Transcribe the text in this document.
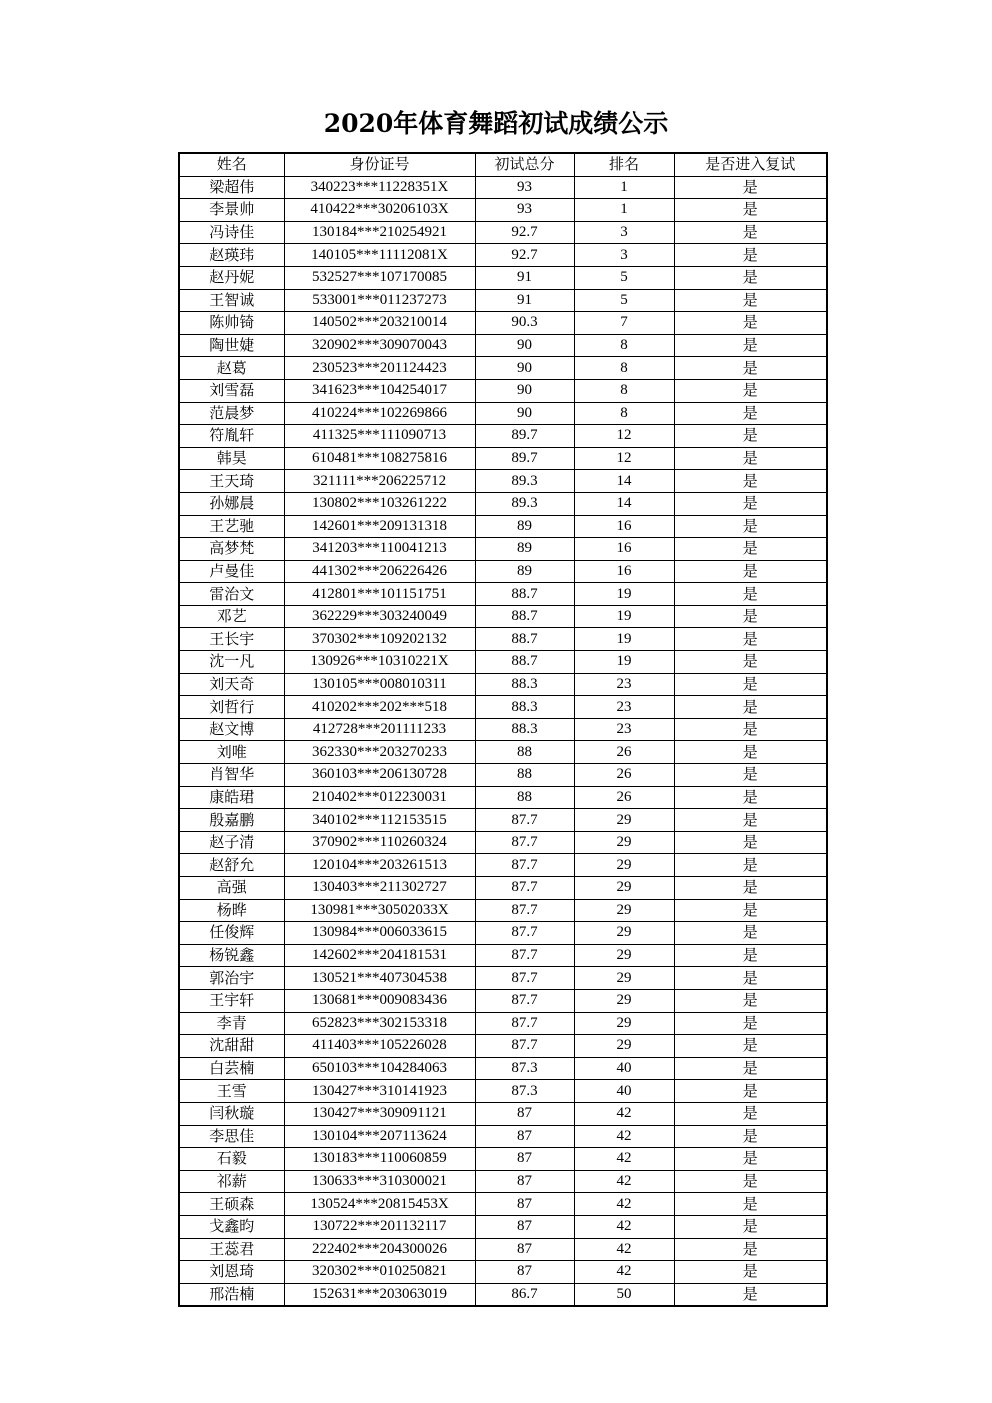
2020年体育舞蹈初试成绩公示
姓名	身份证号	初试总分	排名	是否进入复试
梁超伟	340223***11228351X	93	1	是
李景帅	410422***30206103X	93	1	是
冯诗佳	130184***210254921	92.7	3	是
赵瑛玮	140105***11112081X	92.7	3	是
赵丹妮	532527***107170085	91	5	是
王智诚	533001***011237273	91	5	是
陈帅锜	140502***203210014	90.3	7	是
陶世婕	320902***309070043	90	8	是
赵葛	230523***201124423	90	8	是
刘雪磊	341623***104254017	90	8	是
范晨梦	410224***102269866	90	8	是
符胤轩	411325***111090713	89.7	12	是
韩昊	610481***108275816	89.7	12	是
王天琦	321111***206225712	89.3	14	是
孙娜晨	130802***103261222	89.3	14	是
王艺驰	142601***209131318	89	16	是
高梦梵	341203***110041213	89	16	是
卢曼佳	441302***206226426	89	16	是
雷治文	412801***101151751	88.7	19	是
邓艺	362229***303240049	88.7	19	是
王长宇	370302***109202132	88.7	19	是
沈一凡	130926***10310221X	88.7	19	是
刘天奇	130105***008010311	88.3	23	是
刘哲行	410202***202***518	88.3	23	是
赵文博	412728***201111233	88.3	23	是
刘唯	362330***203270233	88	26	是
肖智华	360103***206130728	88	26	是
康皓珺	210402***012230031	88	26	是
殷嘉鹏	340102***112153515	87.7	29	是
赵子清	370902***110260324	87.7	29	是
赵舒允	120104***203261513	87.7	29	是
高强	130403***211302727	87.7	29	是
杨晔	130981***30502033X	87.7	29	是
任俊辉	130984***006033615	87.7	29	是
杨锐鑫	142602***204181531	87.7	29	是
郭治宇	130521***407304538	87.7	29	是
王宇轩	130681***009083436	87.7	29	是
李青	652823***302153318	87.7	29	是
沈甜甜	411403***105226028	87.7	29	是
白芸楠	650103***104284063	87.3	40	是
王雪	130427***310141923	87.3	40	是
闫秋璇	130427***309091121	87	42	是
李思佳	130104***207113624	87	42	是
石毅	130183***110060859	87	42	是
祁薪	130633***310300021	87	42	是
王硕森	130524***20815453X	87	42	是
戈鑫昀	130722***201132117	87	42	是
王蕊君	222402***204300026	87	42	是
刘恩琦	320302***010250821	87	42	是
邢浩楠	152631***203063019	86.7	50	是
